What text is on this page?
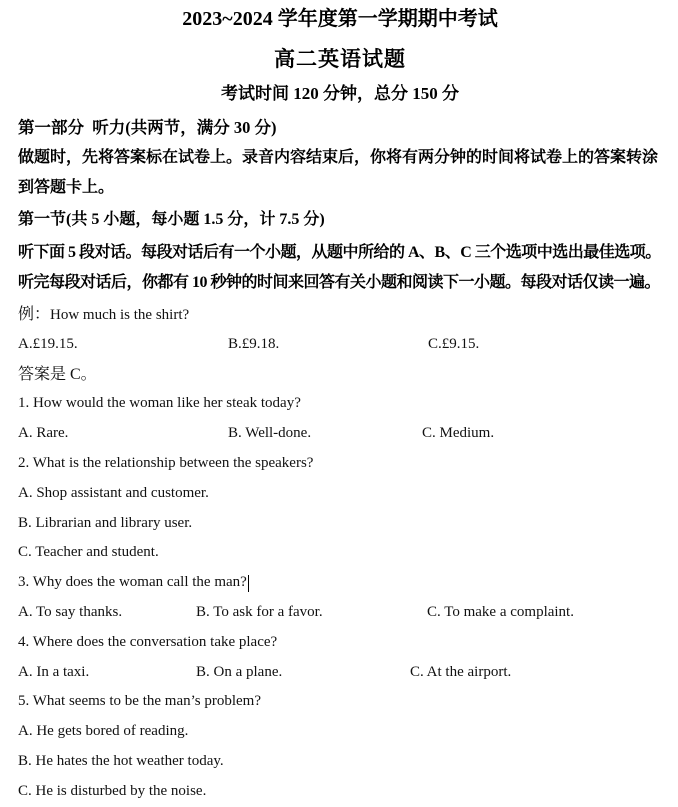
2023~2024 学年度第一学期期中考试
高二英语试题
考试时间 120 分钟，总分 150 分
第一部分  听力(共两节，满分 30 分)
做题时，先将答案标在试卷上。录音内容结束后，你将有两分钟的时间将试卷上的答案转涂
到答题卡上。
第一节(共 5 小题，每小题 1.5 分，计 7.5 分)
听下面 5 段对话。每段对话后有一个小题，从题中所给的 A、B、C 三个选项中选出最佳选项。
听完每段对话后，你都有 10 秒钟的时间来回答有关小题和阅读下一小题。每段对话仅读一遍。
例：How much is the shirt?
A.£19.15.	B.£9.18.	C.£9.15.
答案是 C。
1. How would the woman like her steak today?
A. Rare.	B. Well-done.	C. Medium.
2. What is the relationship between the speakers?
A. Shop assistant and customer.
B. Librarian and library user.
C. Teacher and student.
3. Why does the woman call the man?
A. To say thanks.	B. To ask for a favor.	C. To make a complaint.
4. Where does the conversation take place?
A. In a taxi.	B. On a plane.	C. At the airport.
5. What seems to be the man’s problem?
A. He gets bored of reading.
B. He hates the hot weather today.
C. He is disturbed by the noise.
